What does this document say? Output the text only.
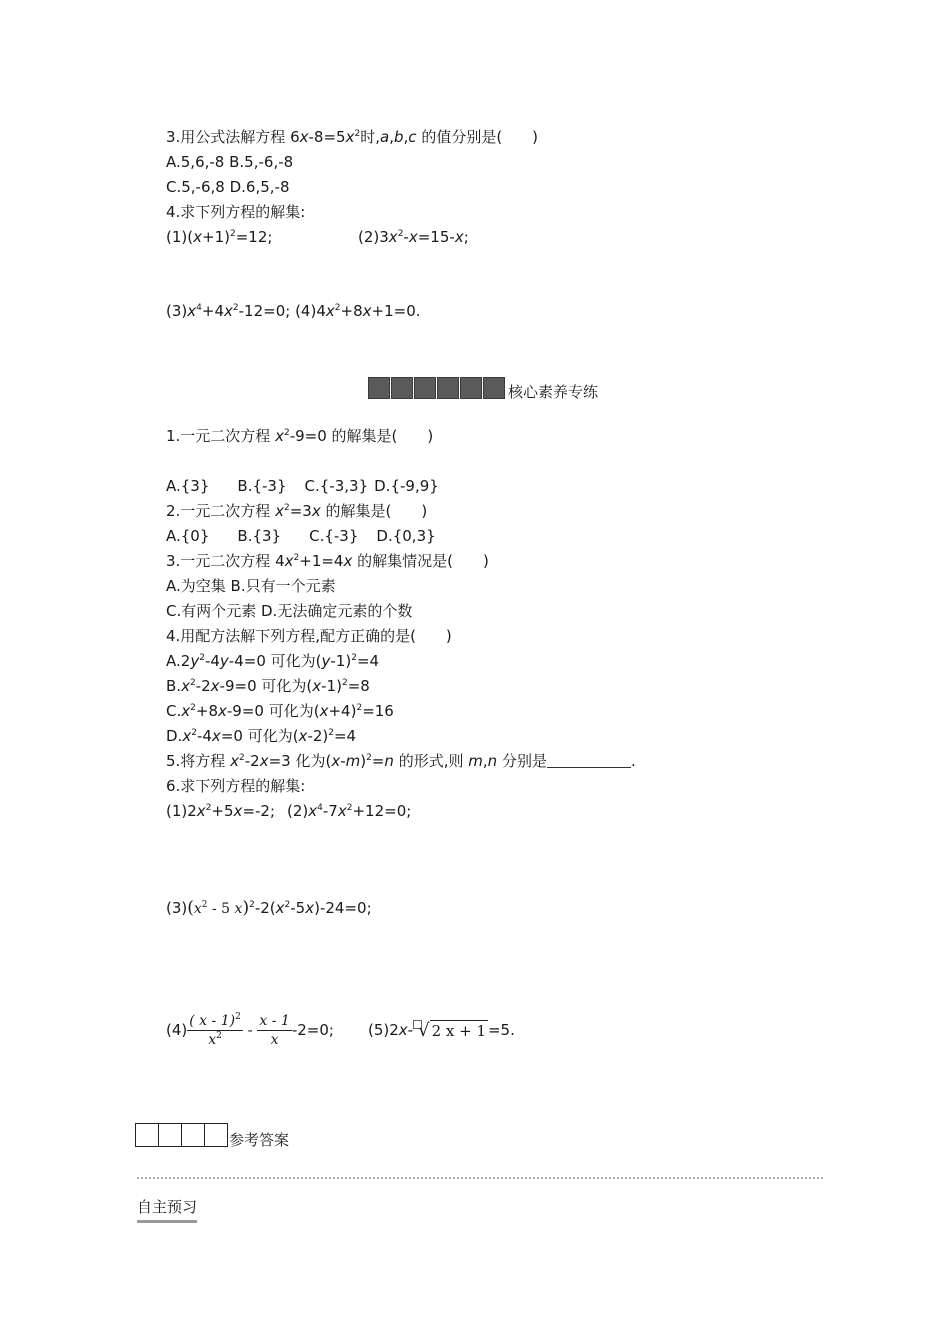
3.用公式法解方程 $6x-8=5x^2$时,a,b,c 的值分别是(　　)
A.5,6,-8 B.5,-6,-8
C.5,-6,8 D.6,5,-8
4.求下列方程的解集:
$(1)(x+1)^2=12$;	$(2)3x^2-x=15-x$;
$(3)x^4+4x^2-12=0$; $(4)4x^2+8x+1=0$.
核心素养专练
1.一元二次方程 $x^2-9=0$ 的解集是(　　)
A.{3} B.{-3} C.{-3,3} D.{-9,9}
2.一元二次方程 $x^2=3x$ 的解集是(　　)
A.{0} B.{3} C.{-3} D.{0,3}
3.一元二次方程 $4x^2+1=4x$ 的解集情况是(　　)
A.为空集 B.只有一个元素
C.有两个元素 D.无法确定元素的个数
4.用配方法解下列方程,配方正确的是(　　)
$A.2y^2-4y-4=0$ 可化为$(y-1)^2=4$
$B.x^2-2x-9=0$ 可化为$(x-1)^2=8$
$C.x^2+8x-9=0$ 可化为$(x+4)^2=16$
$D.x^2-4x=0$ 可化为$(x-2)^2=4$
5.将方程 $x^2-2x=3$ 化为$(x-m)^2=n$ 的形式,则 m,n 分别是	.
6.求下列方程的解集:
$(1)2x^2+5x=-2$; $(2)x^4-7x^2+12=0$;
$(3)(x^2 - 5$ $x)^2-2(x^2-5x)-24=0$;
$(4) \frac{( x - 1)^2}{x^2} - \frac{x - 1}{x} -2=0$; (5)2x- √ 2 x + 1 =5.
参考答案
自主预习
